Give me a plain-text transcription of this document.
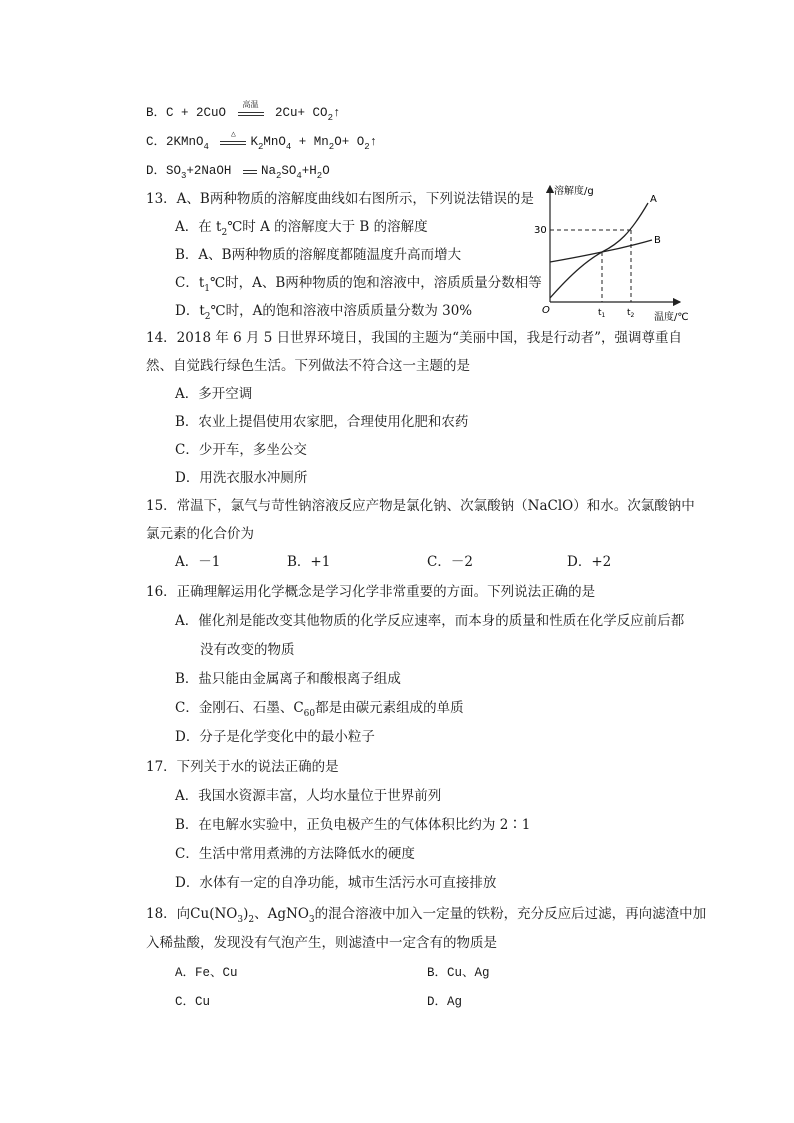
B．C + 2CuO
高温
$2Cu+ CO_2↑$
C．2KMnO$_4$
△
$K_2MnO_4 + Mn_2O+$ $O_2↑$
D．$SO_3+2NaOH$
$Na_2SO_4+H_2O$
13．A、B两种物质的溶解度曲线如右图所示，下列说法错误的是
A．在 $t_2℃$时 A 的溶解度大于 B 的溶解度
B．A、B两种物质的溶解度都随温度升高而增大
C．$t_1℃$时，A、B两种物质的饱和溶液中，溶质质量分数相等
D．$t_2℃$时，A的饱和溶液中溶质质量分数为 30%
溶解度/g
温度/℃
O
30
$t_1$ $t_2$
A
B
14．2018 年 6 月 5 日世界环境日，我国的主题为“美丽中国，我是行动者”，强调尊重自
然、自觉践行绿色生活。下列做法不符合这一主题的是
A．多开空调
B．农业上提倡使用农家肥，合理使用化肥和农药
C．少开车，多坐公交
D．用洗衣服水冲厕所
15．常温下，氯气与苛性钠溶液反应产物是氯化钠、次氯酸钠（NaClO）和水。次氯酸钠中
氯元素的化合价为
A．－1	B．+1	C．－2	D．+2
16．正确理解运用化学概念是学习化学非常重要的方面。下列说法正确的是
A．催化剂是能改变其他物质的化学反应速率，而本身的质量和性质在化学反应前后都
没有改变的物质
B．盐只能由金属离子和酸根离子组成
C．金刚石、石墨、$C_{60}$都是由碳元素组成的单质
D．分子是化学变化中的最小粒子
17．下列关于水的说法正确的是
A．我国水资源丰富，人均水量位于世界前列
B．在电解水实验中，正负电极产生的气体体积比约为 2∶1
C．生活中常用煮沸的方法降低水的硬度
D．水体有一定的自净功能，城市生活污水可直接排放
18．向$Cu(NO_3)_2$、AgNO$_3$的混合溶液中加入一定量的铁粉，充分反应后过滤，再向滤渣中加
入稀盐酸，发现没有气泡产生，则滤渣中一定含有的物质是
A．Fe、Cu	B．Cu、Ag
C．Cu	D．Ag
